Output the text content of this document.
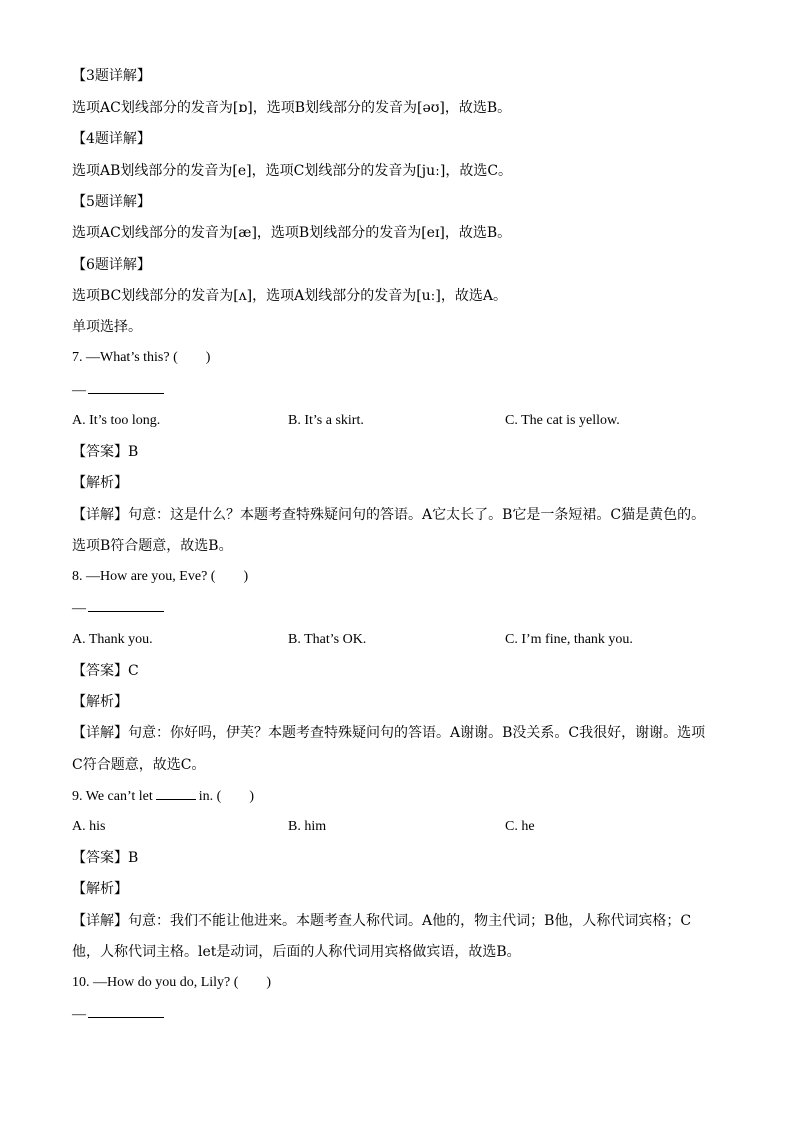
【3题详解】
选项AC划线部分的发音为[ɒ]，选项B划线部分的发音为[əʊ]，故选B。
【4题详解】
选项AB划线部分的发音为[e]，选项C划线部分的发音为[juː]，故选C。
【5题详解】
选项AC划线部分的发音为[æ]，选项B划线部分的发音为[eɪ]，故选B。
【6题详解】
选项BC划线部分的发音为[ʌ]，选项A划线部分的发音为[uː]，故选A。
单项选择。
7. —What’s this? (　　)
—
A. It’s too long.	B. It’s a skirt.	C. The cat is yellow.
【答案】B
【解析】
【详解】句意：这是什么？本题考查特殊疑问句的答语。A它太长了。B它是一条短裙。C猫是黄色的。
选项B符合题意，故选B。
8. —How are you, Eve? (　　)
—
A. Thank you.	B. That’s OK.	C. I’m fine, thank you.
【答案】C
【解析】
【详解】句意：你好吗，伊芙？本题考查特殊疑问句的答语。A谢谢。B没关系。C我很好，谢谢。选项
C符合题意，故选C。
9. We can’t let	in. (　　)
A. his	B. him	C. he
【答案】B
【解析】
【详解】句意：我们不能让他进来。本题考查人称代词。A他的，物主代词；B他，人称代词宾格；C
他，人称代词主格。let是动词，后面的人称代词用宾格做宾语，故选B。
10. —How do you do, Lily? (　　)
—
